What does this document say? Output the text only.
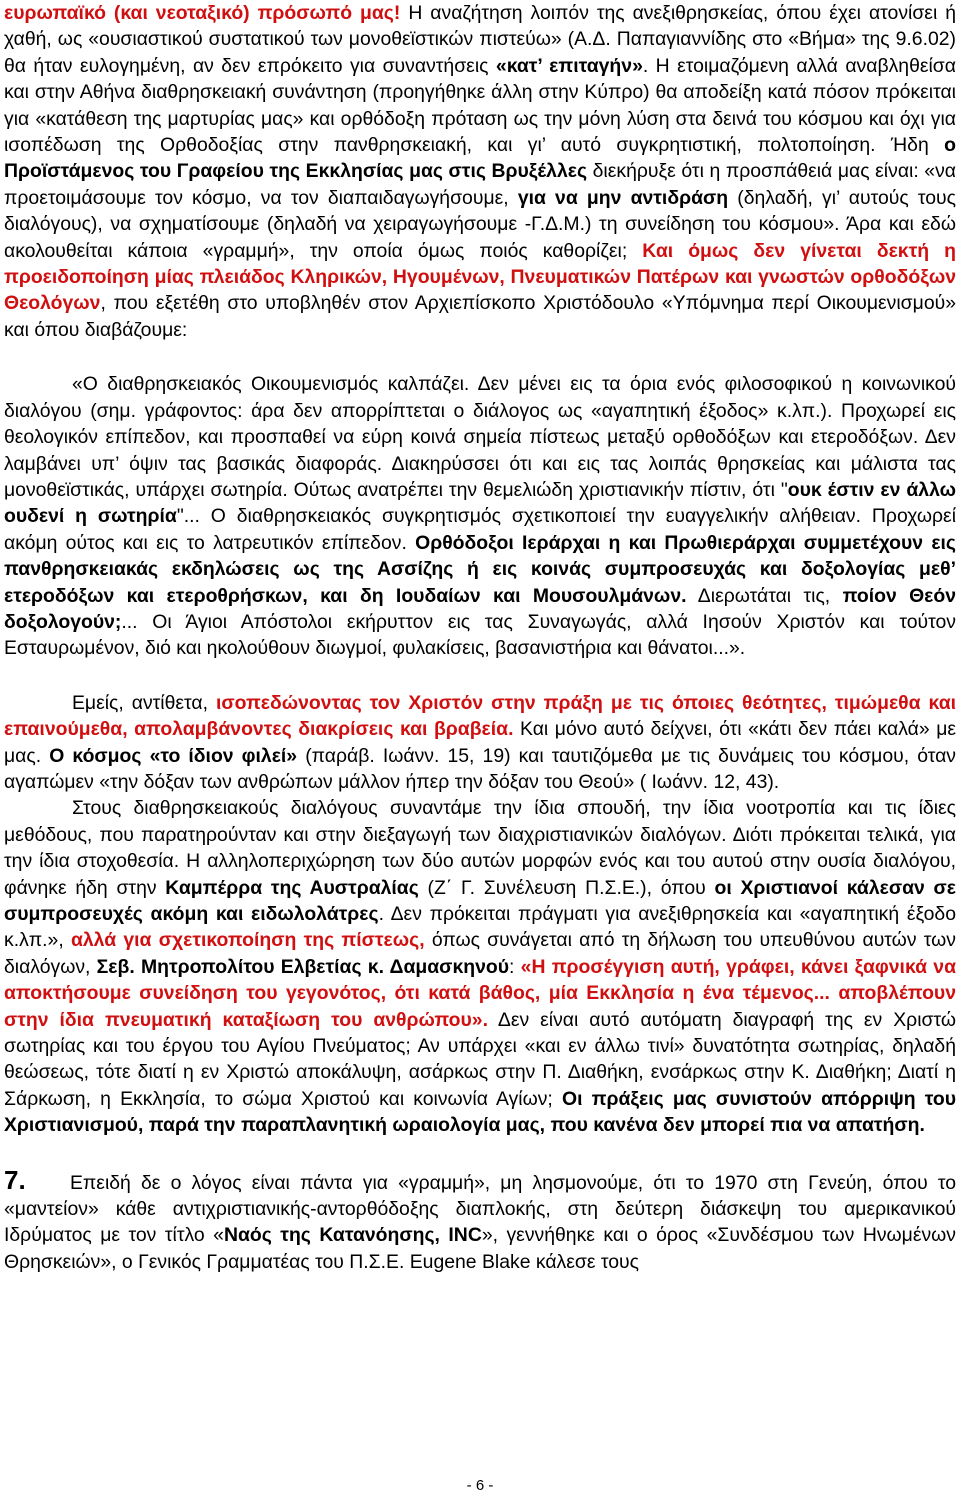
ευρωπαϊκό (και νεοταξικό) πρόσωπό μας! Η αναζήτηση λοιπόν της ανεξιθρησκείας, όπου έχει ατονίσει ή χαθή, ως «ουσιαστικού συστατικού των μονοθεϊστικών πιστεύω» (Α.Δ. Παπαγιαννίδης στο «Βήμα» της 9.6.02) θα ήταν ευλογημένη, αν δεν επρόκειτο για συναντήσεις «κατ’ επιταγήν». Η ετοιμαζόμενη αλλά αναβληθείσα και στην Αθήνα διαθρησκειακή συνάντηση (προηγήθηκε άλλη στην Κύπρο) θα αποδείξη κατά πόσον πρόκειται για «κατάθεση της μαρτυρίας μας» και ορθόδοξη πρόταση ως την μόνη λύση στα δεινά του κόσμου και όχι για ισοπέδωση της Ορθοδοξίας στην πανθρησκειακή, και γι’ αυτό συγκρητιστική, πολτοποίηση. Ήδη ο Προϊστάμενος του Γραφείου της Εκκλησίας μας στις Βρυξέλλες διεκήρυξε ότι η προσπάθειά μας είναι: «να προετοιμάσουμε τον κόσμο, να τον διαπαιδαγωγήσουμε, για να μην αντιδράση (δηλαδή, γι’ αυτούς τους διαλόγους), να σχηματίσουμε (δηλαδή να χειραγωγήσουμε -Γ.Δ.Μ.) τη συνείδηση του κόσμου». Άρα και εδώ ακολουθείται κάποια «γραμμή», την οποία όμως ποιός καθορίζει; Και όμως δεν γίνεται δεκτή η προειδοποίηση μίας πλειάδος Κληρικών, Ηγουμένων, Πνευματικών Πατέρων και γνωστών ορθοδόξων Θεολόγων, που εξετέθη στο υποβληθέν στον Αρχιεπίσκοπο Χριστόδουλο «Υπόμνημα περί Οικουμενισμού» και όπου διαβάζουμε:

«Ο διαθρησκειακός Οικουμενισμός καλπάζει. Δεν μένει εις τα όρια ενός φιλοσοφικού η κοινωνικού διαλόγου (σημ. γράφοντος: άρα δεν απορρίπτεται ο διάλογος ως «αγαπητική έξοδος» κ.λπ.). Προχωρεί εις θεολογικόν επίπεδον, και προσπαθεί να εύρη κοινά σημεία πίστεως μεταξύ ορθοδόξων και ετεροδόξων. Δεν λαμβάνει υπ’ όψιν τας βασικάς διαφοράς. Διακηρύσσει ότι και εις τας λοιπάς θρησκείας και μάλιστα τας μονοθεϊστικάς, υπάρχει σωτηρία. Ούτως ανατρέπει την θεμελιώδη χριστιανικήν πίστιν, ότι "ουκ έστιν εν άλλω ουδενί η σωτηρία"... Ο διαθρησκειακός συγκρητισμός σχετικοποιεί την ευαγγελικήν αλήθειαν. Προχωρεί ακόμη ούτος και εις το λατρευτικόν επίπεδον. Ορθόδοξοι Ιεράρχαι η και Πρωθιεράρχαι συμμετέχουν εις πανθρησκειακάς εκδηλώσεις ως της Ασσίζης ή εις κοινάς συμπροσευχάς και δοξολογίας μεθ’ ετεροδόξων και ετεροθρήσκων, και δη Ιουδαίων και Μουσουλμάνων. Διερωτάται τις, ποίον Θεόν δοξολογούν;... Οι Άγιοι Απόστολοι εκήρυττον εις τας Συναγωγάς, αλλά Ιησούν Χριστόν και τούτον Εσταυρωμένον, διό και ηκολούθουν διωγμοί, φυλακίσεις, βασανιστήρια και θάνατοι...».

Εμείς, αντίθετα, ισοπεδώνοντας τον Χριστόν στην πράξη με τις όποιες θεότητες, τιμώμεθα και επαινούμεθα, απολαμβάνοντες διακρίσεις και βραβεία. Και μόνο αυτό δείχνει, ότι «κάτι δεν πάει καλά» με μας. Ο κόσμος «το ίδιον φιλεί» (παράβ. Ιωάνν. 15, 19) και ταυτιζόμεθα με τις δυνάμεις του κόσμου, όταν αγαπώμεν «την δόξαν των ανθρώπων μάλλον ήπερ την δόξαν του Θεού» ( Ιωάνν. 12, 43).

Στους διαθρησκειακούς διαλόγους συναντάμε την ίδια σπουδή, την ίδια νοοτροπία και τις ίδιες μεθόδους, που παρατηρούνταν και στην διεξαγωγή των διαχριστιανικών διαλόγων. Διότι πρόκειται τελικά, για την ίδια στοχοθεσία. Η αλληλοπεριχώρηση των δύο αυτών μορφών ενός και του αυτού στην ουσία διαλόγου, φάνηκε ήδη στην Καμπέρρα της Αυστραλίας (Ζ΄ Γ. Συνέλευση Π.Σ.Ε.), όπου οι Χριστιανοί κάλεσαν σε συμπροσευχές ακόμη και ειδωλολάτρες. Δεν πρόκειται πράγματι για ανεξιθρησκεία και «αγαπητική έξοδο κ.λπ.», αλλά για σχετικοποίηση της πίστεως, όπως συνάγεται από τη δήλωση του υπευθύνου αυτών των διαλόγων, Σεβ. Μητροπολίτου Ελβετίας κ. Δαμασκηνού: «Η προσέγγιση αυτή, γράφει, κάνει ξαφνικά να αποκτήσουμε συνείδηση του γεγονότος, ότι κατά βάθος, μία Εκκλησία η ένα τέμενος... αποβλέπουν στην ίδια πνευματική καταξίωση του ανθρώπου». Δεν είναι αυτό αυτόματη διαγραφή της εν Χριστώ σωτηρίας και του έργου του Αγίου Πνεύματος; Αν υπάρχει «και εν άλλω τινί» δυνατότητα σωτηρίας, δηλαδή θεώσεως, τότε διατί η εν Χριστώ αποκάλυψη, ασάρκως στην Π. Διαθήκη, ενσάρκως στην Κ. Διαθήκη; Διατί η Σάρκωση, η Εκκλησία, το σώμα Χριστού και κοινωνία Αγίων; Οι πράξεις μας συνιστούν απόρριψη του Χριστιανισμού, παρά την παραπλανητική ωραιολογία μας, που κανένα δεν μπορεί πια να απατήση.

7. Επειδή δε ο λόγος είναι πάντα για «γραμμή», μη λησμονούμε, ότι το 1970 στη Γενεύη, όπου το «μαντείον» κάθε αντιχριστιανικής-αντορθόδοξης διαπλοκής, στη δεύτερη διάσκεψη του αμερικανικού Ιδρύματος με τον τίτλο «Ναός της Κατανόησης, INC», γεννήθηκε και ο όρος «Συνδέσμου των Ηνωμένων Θρησκειών», ο Γενικός Γραμματέας του Π.Σ.Ε. Eugene Blake κάλεσε τους

- 6 -
